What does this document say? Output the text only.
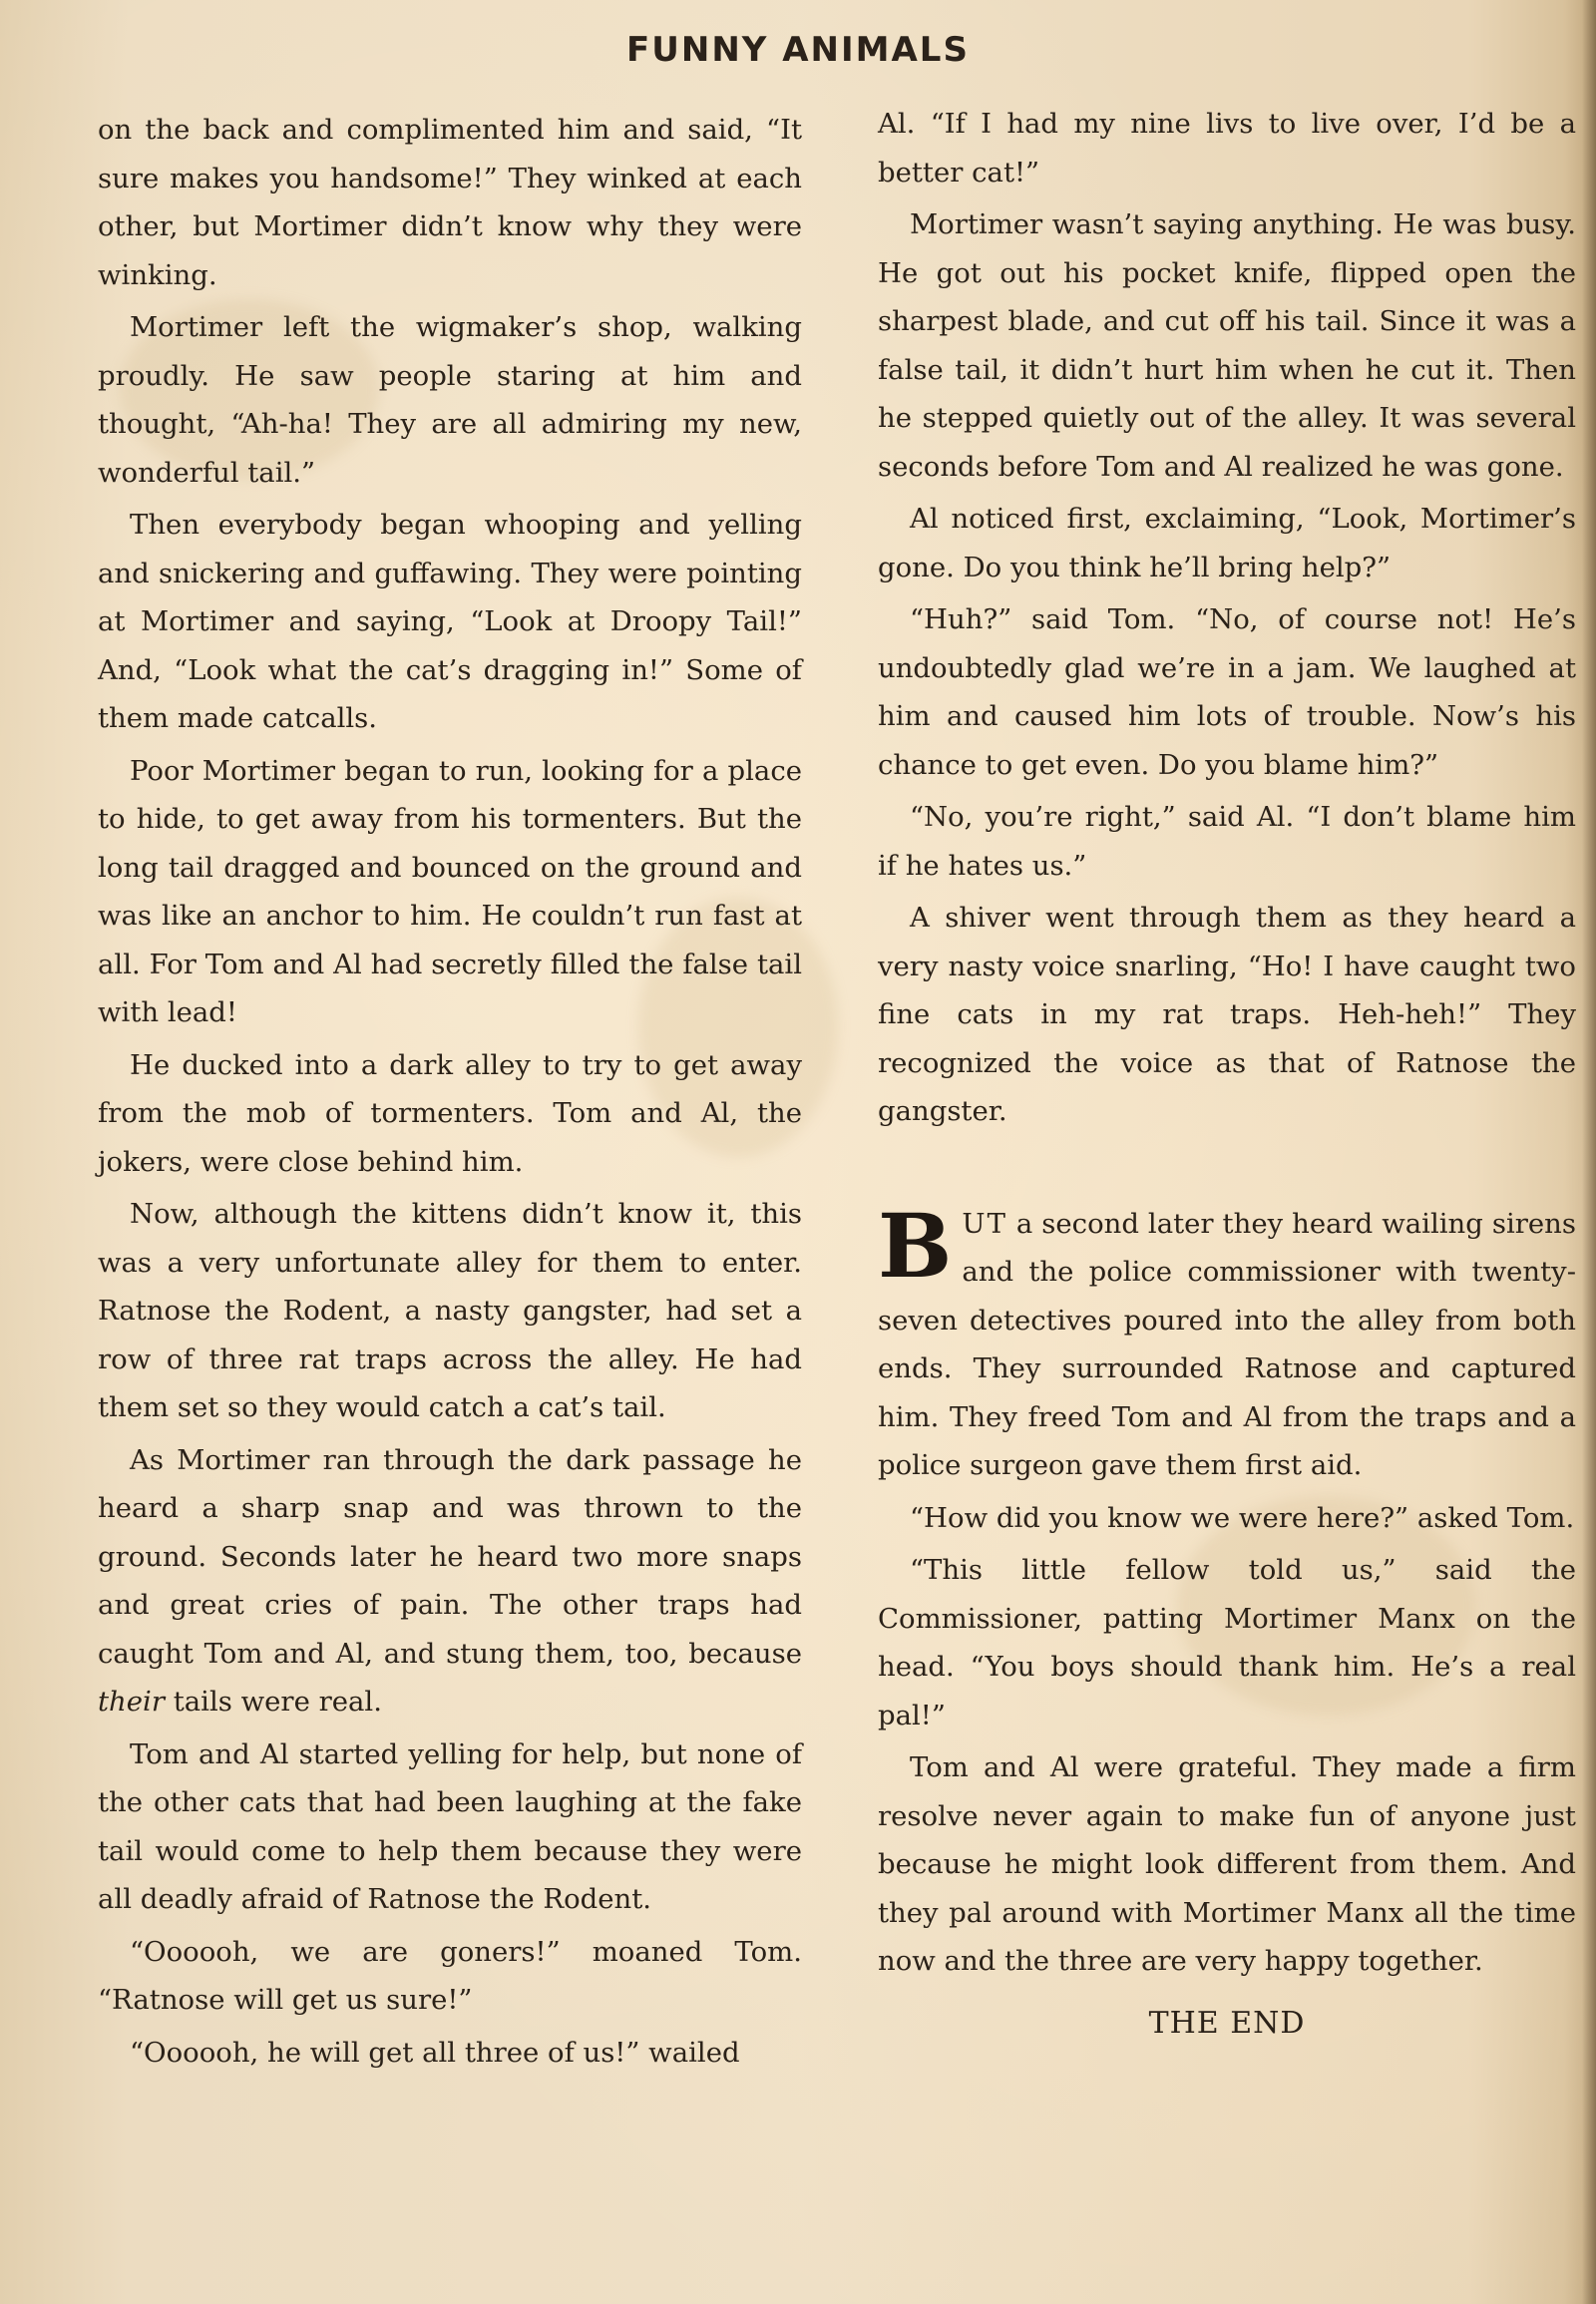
FUNNY ANIMALS

on the back and complimented him and said, “It sure makes you handsome!” They winked at each other, but Mortimer didn’t know why they were winking.

Mortimer left the wigmaker’s shop, walking proudly. He saw people staring at him and thought, “Ah-ha! They are all admiring my new, wonderful tail.”

Then everybody began whooping and yelling and snickering and guffawing. They were pointing at Mortimer and saying, “Look at Droopy Tail!” And, “Look what the cat’s dragging in!” Some of them made catcalls.

Poor Mortimer began to run, looking for a place to hide, to get away from his tormenters. But the long tail dragged and bounced on the ground and was like an anchor to him. He couldn’t run fast at all. For Tom and Al had secretly filled the false tail with lead!

He ducked into a dark alley to try to get away from the mob of tormenters. Tom and Al, the jokers, were close behind him.

Now, although the kittens didn’t know it, this was a very unfortunate alley for them to enter. Ratnose the Rodent, a nasty gangster, had set a row of three rat traps across the alley. He had them set so they would catch a cat’s tail.

As Mortimer ran through the dark passage he heard a sharp snap and was thrown to the ground. Seconds later he heard two more snaps and great cries of pain. The other traps had caught Tom and Al, and stung them, too, because their tails were real.

Tom and Al started yelling for help, but none of the other cats that had been laughing at the fake tail would come to help them because they were all deadly afraid of Ratnose the Rodent.

“Oooooh, we are goners!” moaned Tom. “Ratnose will get us sure!”

“Oooooh, he will get all three of us!” wailed

Al. “If I had my nine livs to live over, I’d be a better cat!”

Mortimer wasn’t saying anything. He was busy. He got out his pocket knife, flipped open the sharpest blade, and cut off his tail. Since it was a false tail, it didn’t hurt him when he cut it. Then he stepped quietly out of the alley. It was several seconds before Tom and Al realized he was gone.

Al noticed first, exclaiming, “Look, Mortimer’s gone. Do you think he’ll bring help?”

“Huh?” said Tom. “No, of course not! He’s undoubtedly glad we’re in a jam. We laughed at him and caused him lots of trouble. Now’s his chance to get even. Do you blame him?”

“No, you’re right,” said Al. “I don’t blame him if he hates us.”

A shiver went through them as they heard a very nasty voice snarling, “Ho! I have caught two fine cats in my rat traps. Heh-heh!” They recognized the voice as that of Ratnose the gangster.

BUT a second later they heard wailing sirens and the police commissioner with twenty-seven detectives poured into the alley from both ends. They surrounded Ratnose and captured him. They freed Tom and Al from the traps and a police surgeon gave them first aid.

“How did you know we were here?” asked Tom.

“This little fellow told us,” said the Commissioner, patting Mortimer Manx on the head. “You boys should thank him. He’s a real pal!”

Tom and Al were grateful. They made a firm resolve never again to make fun of anyone just because he might look different from them. And they pal around with Mortimer Manx all the time now and the three are very happy together.

THE END
